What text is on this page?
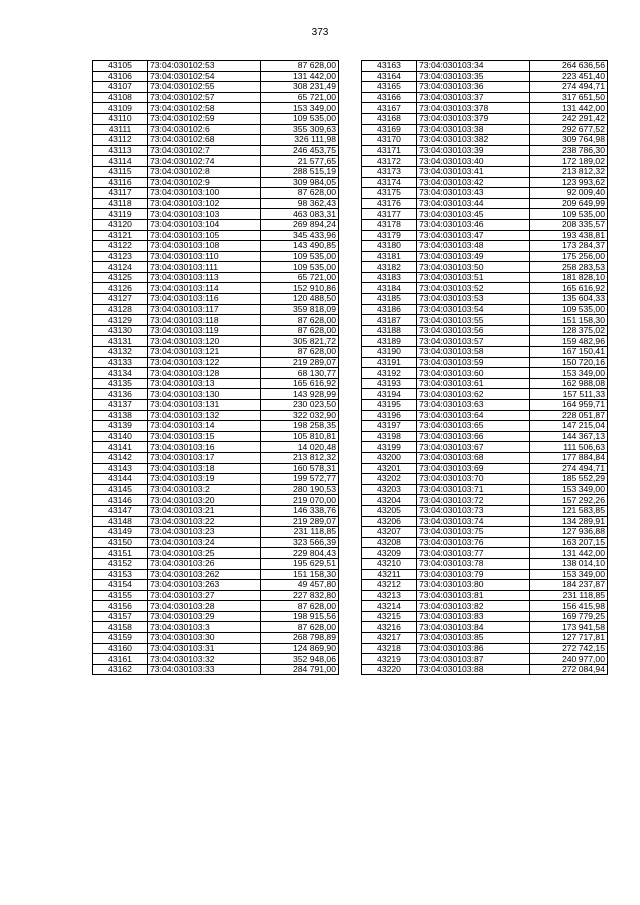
373
43105	73:04:030102:53	87 628,00
43106	73:04:030102:54	131 442,00
43107	73:04:030102:55	308 231,49
43108	73:04:030102:57	65 721,00
43109	73:04:030102:58	153 349,00
43110	73:04:030102:59	109 535,00
43111	73:04:030102:6	355 309,63
43112	73:04:030102:68	326 111,98
43113	73:04:030102:7	246 453,75
43114	73:04:030102:74	21 577,65
43115	73:04:030102:8	288 515,19
43116	73:04:030102:9	309 984,05
43117	73:04:030103:100	87 628,00
43118	73:04:030103:102	98 362,43
43119	73:04:030103:103	463 083,31
43120	73:04:030103:104	269 894,24
43121	73:04:030103:105	345 433,96
43122	73:04:030103:108	143 490,85
43123	73:04:030103:110	109 535,00
43124	73:04:030103:111	109 535,00
43125	73:04:030103:113	65 721,00
43126	73:04:030103:114	152 910,86
43127	73:04:030103:116	120 488,50
43128	73:04:030103:117	359 818,09
43129	73:04:030103:118	87 628,00
43130	73:04:030103:119	87 628,00
43131	73:04:030103:120	305 821,72
43132	73:04:030103:121	87 628,00
43133	73:04:030103:122	219 289,07
43134	73:04:030103:128	68 130,77
43135	73:04:030103:13	165 616,92
43136	73:04:030103:130	143 928,99
43137	73:04:030103:131	230 023,50
43138	73:04:030103:132	322 032,90
43139	73:04:030103:14	198 258,35
43140	73:04:030103:15	105 810,81
43141	73:04:030103:16	14 020,48
43142	73:04:030103:17	213 812,32
43143	73:04:030103:18	160 578,31
43144	73:04:030103:19	199 572,77
43145	73:04:030103:2	280 190,53
43146	73:04:030103:20	219 070,00
43147	73:04:030103:21	146 338,76
43148	73:04:030103:22	219 289,07
43149	73:04:030103:23	231 118,85
43150	73:04:030103:24	323 566,39
43151	73:04:030103:25	229 804,43
43152	73:04:030103:26	195 629,51
43153	73:04:030103:262	151 158,30
43154	73:04:030103:263	49 457,80
43155	73:04:030103:27	227 832,80
43156	73:04:030103:28	87 628,00
43157	73:04:030103:29	198 915,56
43158	73:04:030103:3	87 628,00
43159	73:04:030103:30	268 798,89
43160	73:04:030103:31	124 869,90
43161	73:04:030103:32	352 948,06
43162	73:04:030103:33	284 791,00
43163	73:04:030103:34	264 636,56
43164	73:04:030103:35	223 451,40
43165	73:04:030103:36	274 494,71
43166	73:04:030103:37	317 651,50
43167	73:04:030103:378	131 442,00
43168	73:04:030103:379	242 291,42
43169	73:04:030103:38	292 677,52
43170	73:04:030103:382	309 764,98
43171	73:04:030103:39	238 786,30
43172	73:04:030103:40	172 189,02
43173	73:04:030103:41	213 812,32
43174	73:04:030103:42	123 993,62
43175	73:04:030103:43	92 009,40
43176	73:04:030103:44	209 649,99
43177	73:04:030103:45	109 535,00
43178	73:04:030103:46	208 335,57
43179	73:04:030103:47	193 438,81
43180	73:04:030103:48	173 284,37
43181	73:04:030103:49	175 256,00
43182	73:04:030103:50	258 283,53
43183	73:04:030103:51	181 828,10
43184	73:04:030103:52	165 616,92
43185	73:04:030103:53	135 604,33
43186	73:04:030103:54	109 535,00
43187	73:04:030103:55	151 158,30
43188	73:04:030103:56	128 375,02
43189	73:04:030103:57	159 482,96
43190	73:04:030103:58	167 150,41
43191	73:04:030103:59	150 720,16
43192	73:04:030103:60	153 349,00
43193	73:04:030103:61	162 988,08
43194	73:04:030103:62	157 511,33
43195	73:04:030103:63	164 959,71
43196	73:04:030103:64	228 051,87
43197	73:04:030103:65	147 215,04
43198	73:04:030103:66	144 367,13
43199	73:04:030103:67	111 506,63
43200	73:04:030103:68	177 884,84
43201	73:04:030103:69	274 494,71
43202	73:04:030103:70	185 552,29
43203	73:04:030103:71	153 349,00
43204	73:04:030103:72	157 292,26
43205	73:04:030103:73	121 583,85
43206	73:04:030103:74	134 289,91
43207	73:04:030103:75	127 936,88
43208	73:04:030103:76	163 207,15
43209	73:04:030103:77	131 442,00
43210	73:04:030103:78	138 014,10
43211	73:04:030103:79	153 349,00
43212	73:04:030103:80	184 237,87
43213	73:04:030103:81	231 118,85
43214	73:04:030103:82	156 415,98
43215	73:04:030103:83	169 779,25
43216	73:04:030103:84	173 941,58
43217	73:04:030103:85	127 717,81
43218	73:04:030103:86	272 742,15
43219	73:04:030103:87	240 977,00
43220	73:04:030103:88	272 084,94
